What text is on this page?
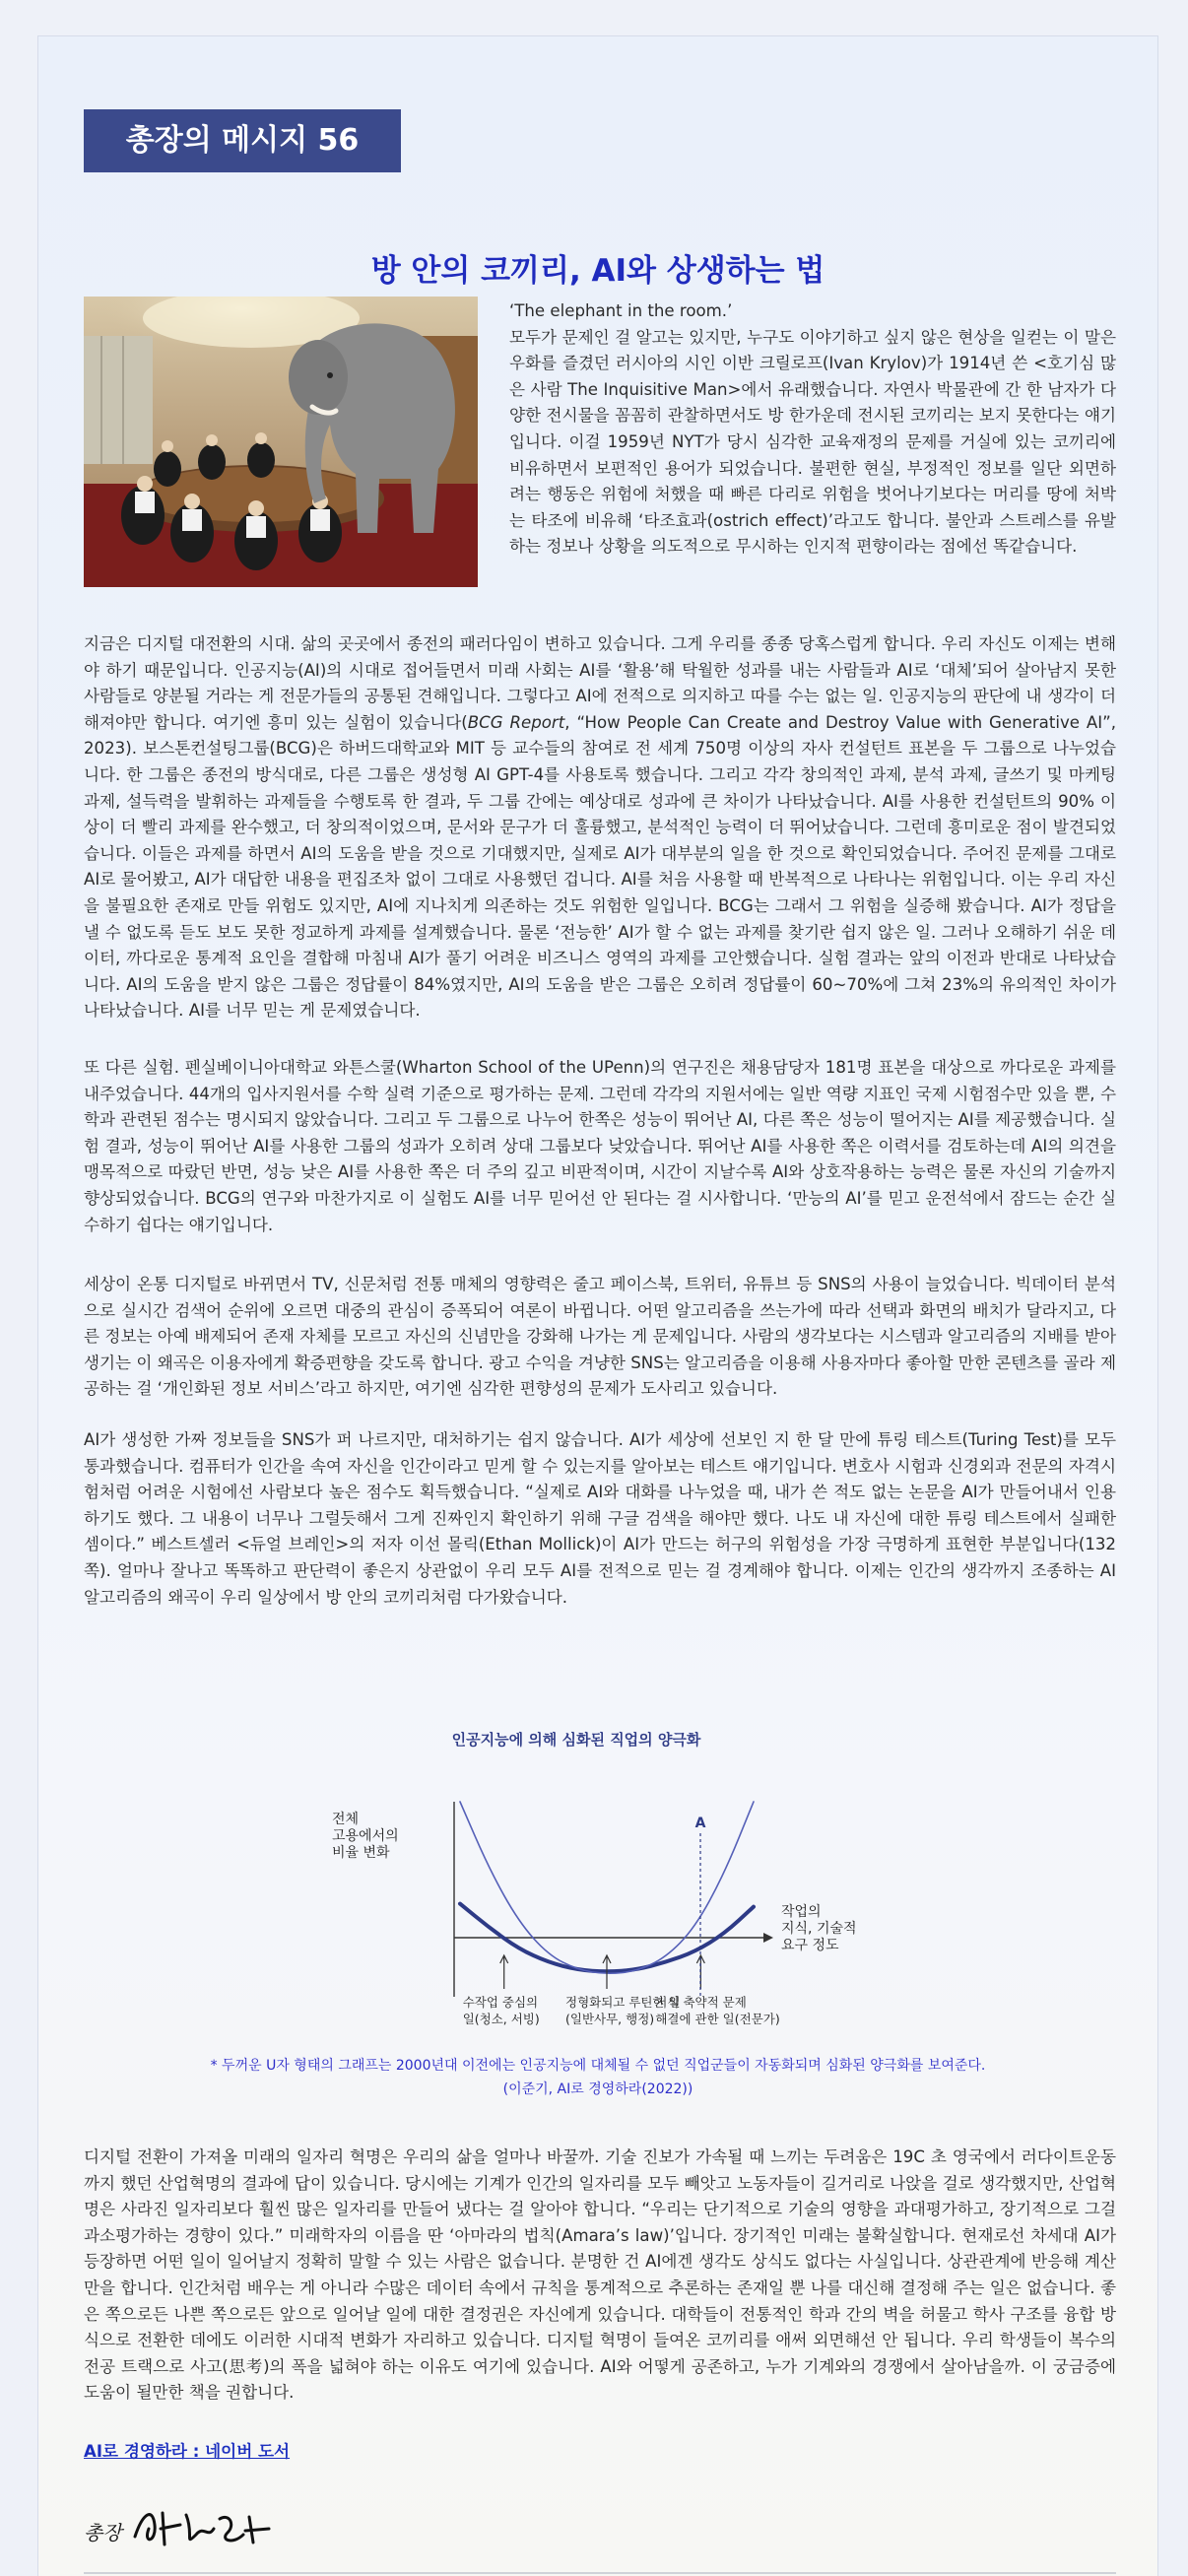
총장의 메시지 56
방 안의 코끼리, AI와 상생하는 법

‘The elephant in the room.’

모두가 문제인 걸 알고는 있지만, 누구도 이야기하고 싶지 않은 현상을 일컫는 이 말은 우화를 즐겼던 러시아의 시인 이반 크릴로프(Ivan Krylov)가 1914년 쓴 <호기심 많은 사람 The Inquisitive Man>에서 유래했습니다. 자연사 박물관에 간 한 남자가 다양한 전시물을 꼼꼼히 관찰하면서도 방 한가운데 전시된 코끼리는 보지 못한다는 얘기입니다. 이걸 1959년 NYT가 당시 심각한 교육재정의 문제를 거실에 있는 코끼리에 비유하면서 보편적인 용어가 되었습니다. 불편한 현실, 부정적인 정보를 일단 외면하려는 행동은 위험에 처했을 때 빠른 다리로 위험을 벗어나기보다는 머리를 땅에 처박는 타조에 비유해 ‘타조효과(ostrich effect)’라고도 합니다. 불안과 스트레스를 유발하는 정보나 상황을 의도적으로 무시하는 인지적 편향이라는 점에선 똑같습니다.

지금은 디지털 대전환의 시대. 삶의 곳곳에서 종전의 패러다임이 변하고 있습니다. 그게 우리를 종종 당혹스럽게 합니다. 우리 자신도 이제는 변해야 하기 때문입니다. 인공지능(AI)의 시대로 접어들면서 미래 사회는 AI를 ‘활용’해 탁월한 성과를 내는 사람들과 AI로 ‘대체’되어 살아남지 못한 사람들로 양분될 거라는 게 전문가들의 공통된 견해입니다. 그렇다고 AI에 전적으로 의지하고 따를 수는 없는 일. 인공지능의 판단에 내 생각이 더해져야만 합니다. 여기엔 흥미 있는 실험이 있습니다(BCG Report, “How People Can Create and Destroy Value with Generative AI”, 2023). 보스톤컨설팅그룹(BCG)은 하버드대학교와 MIT 등 교수들의 참여로 전 세계 750명 이상의 자사 컨설턴트 표본을 두 그룹으로 나누었습니다. 한 그룹은 종전의 방식대로, 다른 그룹은 생성형 AI GPT-4를 사용토록 했습니다. 그리고 각각 창의적인 과제, 분석 과제, 글쓰기 및 마케팅 과제, 설득력을 발휘하는 과제들을 수행토록 한 결과, 두 그룹 간에는 예상대로 성과에 큰 차이가 나타났습니다. AI를 사용한 컨설턴트의 90% 이상이 더 빨리 과제를 완수했고, 더 창의적이었으며, 문서와 문구가 더 훌륭했고, 분석적인 능력이 더 뛰어났습니다. 그런데 흥미로운 점이 발견되었습니다. 이들은 과제를 하면서 AI의 도움을 받을 것으로 기대했지만, 실제로 AI가 대부분의 일을 한 것으로 확인되었습니다. 주어진 문제를 그대로 AI로 물어봤고, AI가 대답한 내용을 편집조차 없이 그대로 사용했던 겁니다. AI를 처음 사용할 때 반복적으로 나타나는 위험입니다. 이는 우리 자신을 불필요한 존재로 만들 위험도 있지만, AI에 지나치게 의존하는 것도 위험한 일입니다. BCG는 그래서 그 위험을 실증해 봤습니다. AI가 정답을 낼 수 없도록 듣도 보도 못한 정교하게 과제를 설계했습니다. 물론 ‘전능한’ AI가 할 수 없는 과제를 찾기란 쉽지 않은 일. 그러나 오해하기 쉬운 데이터, 까다로운 통계적 요인을 결합해 마침내 AI가 풀기 어려운 비즈니스 영역의 과제를 고안했습니다. 실험 결과는 앞의 이전과 반대로 나타났습니다. AI의 도움을 받지 않은 그룹은 정답률이 84%였지만, AI의 도움을 받은 그룹은 오히려 정답률이 60~70%에 그쳐 23%의 유의적인 차이가 나타났습니다. AI를 너무 믿는 게 문제였습니다.

또 다른 실험. 펜실베이니아대학교 와튼스쿨(Wharton School of the UPenn)의 연구진은 채용담당자 181명 표본을 대상으로 까다로운 과제를 내주었습니다. 44개의 입사지원서를 수학 실력 기준으로 평가하는 문제. 그런데 각각의 지원서에는 일반 역량 지표인 국제 시험점수만 있을 뿐, 수학과 관련된 점수는 명시되지 않았습니다. 그리고 두 그룹으로 나누어 한쪽은 성능이 뛰어난 AI, 다른 쪽은 성능이 떨어지는 AI를 제공했습니다. 실험 결과, 성능이 뛰어난 AI를 사용한 그룹의 성과가 오히려 상대 그룹보다 낮았습니다. 뛰어난 AI를 사용한 쪽은 이력서를 검토하는데 AI의 의견을 맹목적으로 따랐던 반면, 성능 낮은 AI를 사용한 쪽은 더 주의 깊고 비판적이며, 시간이 지날수록 AI와 상호작용하는 능력은 물론 자신의 기술까지 향상되었습니다. BCG의 연구와 마찬가지로 이 실험도 AI를 너무 믿어선 안 된다는 걸 시사합니다. ‘만능의 AI’를 믿고 운전석에서 잠드는 순간 실수하기 쉽다는 얘기입니다.

세상이 온통 디지털로 바뀌면서 TV, 신문처럼 전통 매체의 영향력은 줄고 페이스북, 트위터, 유튜브 등 SNS의 사용이 늘었습니다. 빅데이터 분석으로 실시간 검색어 순위에 오르면 대중의 관심이 증폭되어 여론이 바뀝니다. 어떤 알고리즘을 쓰는가에 따라 선택과 화면의 배치가 달라지고, 다른 정보는 아예 배제되어 존재 자체를 모르고 자신의 신념만을 강화해 나가는 게 문제입니다. 사람의 생각보다는 시스템과 알고리즘의 지배를 받아 생기는 이 왜곡은 이용자에게 확증편향을 갖도록 합니다. 광고 수익을 겨냥한 SNS는 알고리즘을 이용해 사용자마다 좋아할 만한 콘텐츠를 골라 제공하는 걸 ‘개인화된 정보 서비스’라고 하지만, 여기엔 심각한 편향성의 문제가 도사리고 있습니다.

AI가 생성한 가짜 정보들을 SNS가 퍼 나르지만, 대처하기는 쉽지 않습니다. AI가 세상에 선보인 지 한 달 만에 튜링 테스트(Turing Test)를 모두 통과했습니다. 컴퓨터가 인간을 속여 자신을 인간이라고 믿게 할 수 있는지를 알아보는 테스트 얘기입니다. 변호사 시험과 신경외과 전문의 자격시험처럼 어려운 시험에선 사람보다 높은 점수도 획득했습니다. “실제로 AI와 대화를 나누었을 때, 내가 쓴 적도 없는 논문을 AI가 만들어내서 인용하기도 했다. 그 내용이 너무나 그럴듯해서 그게 진짜인지 확인하기 위해 구글 검색을 해야만 했다. 나도 내 자신에 대한 튜링 테스트에서 실패한 셈이다.” 베스트셀러 <듀얼 브레인>의 저자 이선 몰릭(Ethan Mollick)이 AI가 만드는 허구의 위험성을 가장 극명하게 표현한 부분입니다(132쪽). 얼마나 잘나고 똑똑하고 판단력이 좋은지 상관없이 우리 모두 AI를 전적으로 믿는 걸 경계해야 합니다. 이제는 인간의 생각까지 조종하는 AI 알고리즘의 왜곡이 우리 일상에서 방 안의 코끼리처럼 다가왔습니다.

인공지능에 의해 심화된 직업의 양극화
전체 고용에서의 비율 변화
작업의 지식, 기술적 요구 정도
수작업 중심의 일(청소, 서빙)
정형화되고 루틴한 일 (일반사무, 행정)
지식 축약적 문제 해결에 관한 일(전문가)
A
* 두꺼운 U자 형태의 그래프는 2000년대 이전에는 인공지능에 대체될 수 없던 직업군들이 자동화되며 심화된 양극화를 보여준다.
(이준기, AI로 경영하라(2022))

디지털 전환이 가져올 미래의 일자리 혁명은 우리의 삶을 얼마나 바꿀까. 기술 진보가 가속될 때 느끼는 두려움은 19C 초 영국에서 러다이트운동까지 했던 산업혁명의 결과에 답이 있습니다. 당시에는 기계가 인간의 일자리를 모두 빼앗고 노동자들이 길거리로 나앉을 걸로 생각했지만, 산업혁명은 사라진 일자리보다 훨씬 많은 일자리를 만들어 냈다는 걸 알아야 합니다. “우리는 단기적으로 기술의 영향을 과대평가하고, 장기적으로 그걸 과소평가하는 경향이 있다.” 미래학자의 이름을 딴 ‘아마라의 법칙(Amara’s law)’입니다. 장기적인 미래는 불확실합니다. 현재로선 차세대 AI가 등장하면 어떤 일이 일어날지 정확히 말할 수 있는 사람은 없습니다. 분명한 건 AI에겐 생각도 상식도 없다는 사실입니다. 상관관계에 반응해 계산만을 합니다. 인간처럼 배우는 게 아니라 수많은 데이터 속에서 규칙을 통계적으로 추론하는 존재일 뿐 나를 대신해 결정해 주는 일은 없습니다. 좋은 쪽으로든 나쁜 쪽으로든 앞으로 일어날 일에 대한 결정권은 자신에게 있습니다. 대학들이 전통적인 학과 간의 벽을 허물고 학사 구조를 융합 방식으로 전환한 데에도 이러한 시대적 변화가 자리하고 있습니다. 디지털 혁명이 들여온 코끼리를 애써 외면해선 안 됩니다. 우리 학생들이 복수의 전공 트랙으로 사고(思考)의 폭을 넓혀야 하는 이유도 여기에 있습니다. AI와 어떻게 공존하고, 누가 기계와의 경쟁에서 살아남을까. 이 궁금증에 도움이 될만한 책을 권합니다.

AI로 경영하라 : 네이버 도서
총장
